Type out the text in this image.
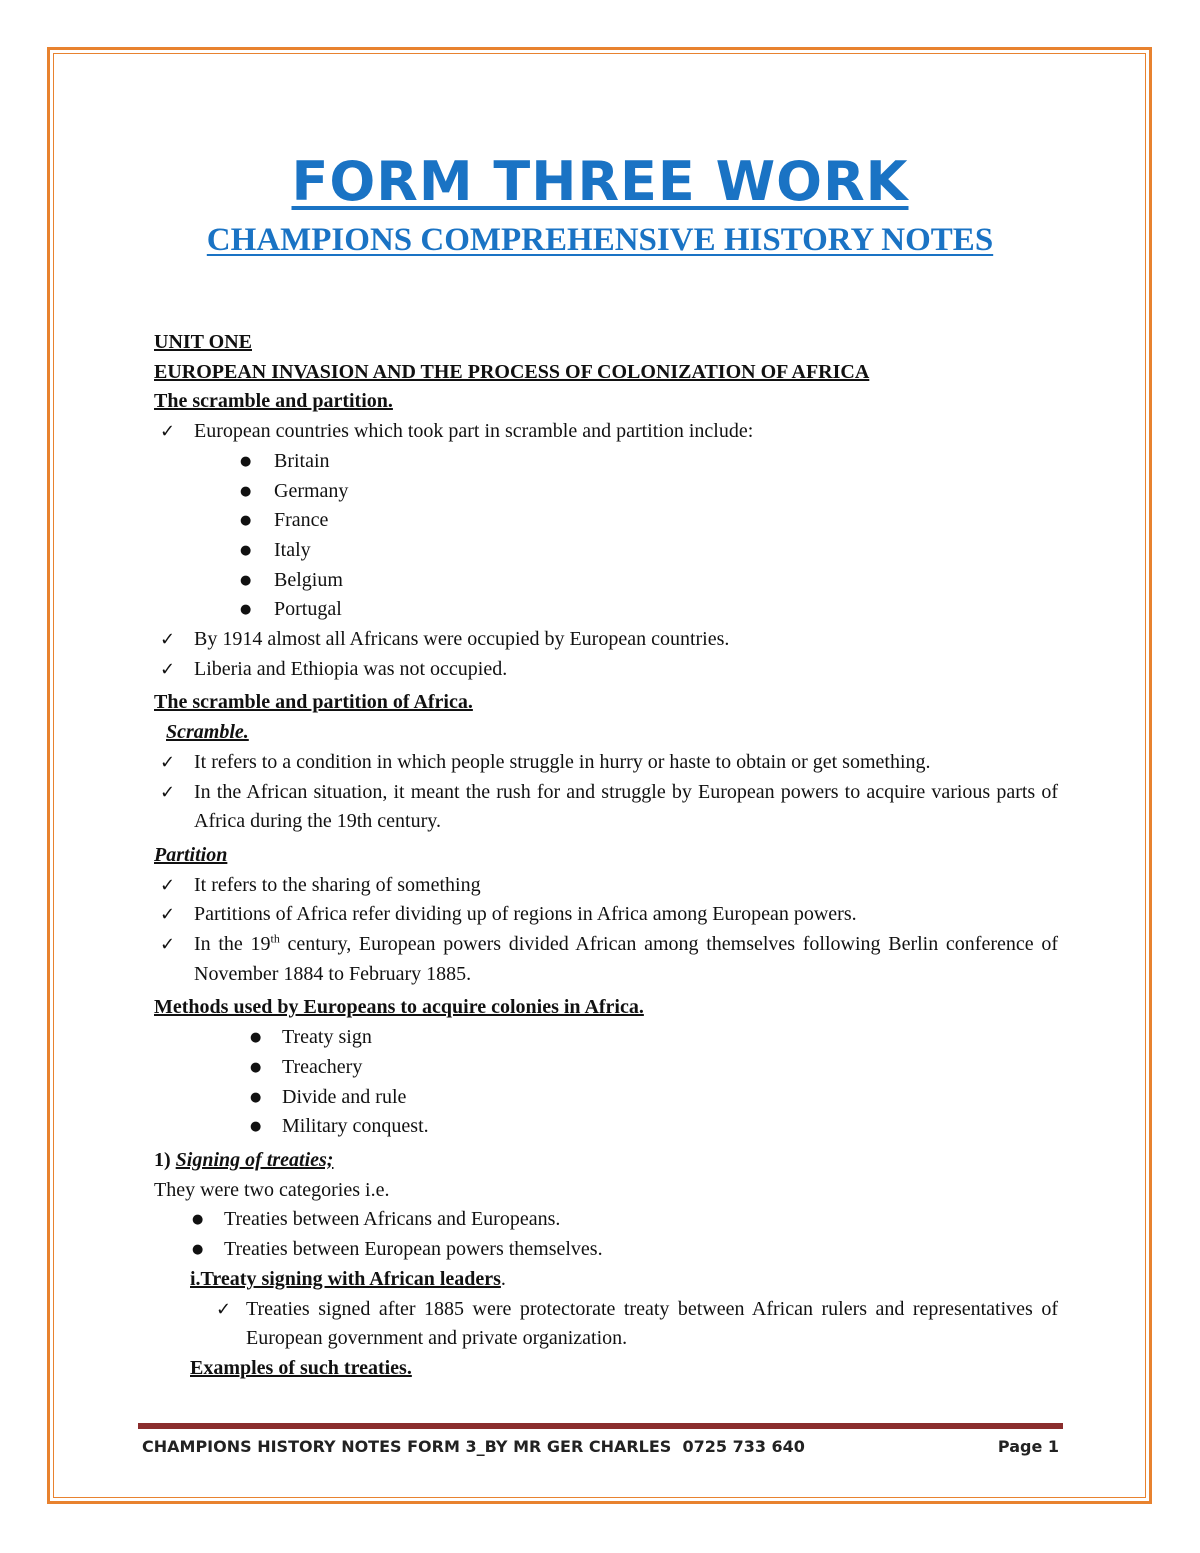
FORM THREE WORK
CHAMPIONS COMPREHENSIVE HISTORY NOTES
UNIT ONE
EUROPEAN INVASION AND THE PROCESS OF COLONIZATION OF AFRICA
The scramble and partition.
✓ European countries which took part in scramble and partition include:
● Britain
● Germany
● France
● Italy
● Belgium
● Portugal
✓ By 1914 almost all Africans were occupied by European countries.
✓ Liberia and Ethiopia was not occupied.
The scramble and partition of Africa.
Scramble.
✓ It refers to a condition in which people struggle in hurry or haste to obtain or get something.
✓ In the African situation, it meant the rush for and struggle by European powers to acquire various parts of Africa during the 19th century.
Partition
✓ It refers to the sharing of something
✓ Partitions of Africa refer dividing up of regions in Africa among European powers.
✓ In the 19th century, European powers divided African among themselves following Berlin conference of November 1884 to February 1885.
Methods used by Europeans to acquire colonies in Africa.
● Treaty sign
● Treachery
● Divide and rule
● Military conquest.
1) Signing of treaties;
They were two categories i.e.
● Treaties between Africans and Europeans.
● Treaties between European powers themselves.
i.Treaty signing with African leaders.
✓ Treaties signed after 1885 were protectorate treaty between African rulers and representatives of European government and private organization.
Examples of such treaties.
CHAMPIONS HISTORY NOTES FORM 3_BY MR GER CHARLES  0725 733 640	Page 1
